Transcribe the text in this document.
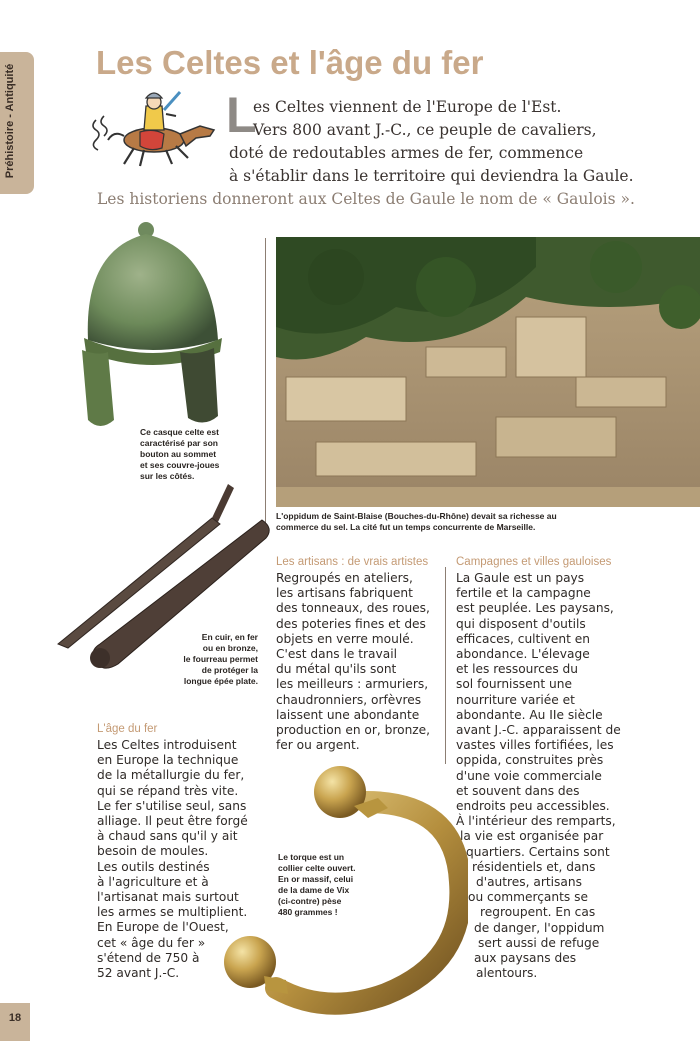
Préhistoire - Antiquité
Les Celtes et l'âge du fer
L
es Celtes viennent de l'Europe de l'Est.
Vers 800 avant J.-C., ce peuple de cavaliers,
doté de redoutables armes de fer, commence
à s'établir dans le territoire qui deviendra la Gaule.
Les historiens donneront aux Celtes de Gaule le nom de « Gaulois ».
Ce casque celte est
caractérisé par son
bouton au sommet
et ses couvre-joues
sur les côtés.
L'oppidum de Saint-Blaise (Bouches-du-Rhône) devait sa richesse au
commerce du sel. La cité fut un temps concurrente de Marseille.
En cuir, en fer
ou en bronze,
le fourreau permet
de protéger la
longue épée plate.
L'âge du fer
Les Celtes introduisent
en Europe la technique
de la métallurgie du fer,
qui se répand très vite.
Le fer s'utilise seul, sans
alliage. Il peut être forgé
à chaud sans qu'il y ait
besoin de moules.
Les outils destinés
à l'agriculture et à
l'artisanat mais surtout
les armes se multiplient.
En Europe de l'Ouest,
cet « âge du fer »
s'étend de 750 à
52 avant J.-C.
Les artisans : de vrais artistes
Regroupés en ateliers,
les artisans fabriquent
des tonneaux, des roues,
des poteries fines et des
objets en verre moulé.
C'est dans le travail
du métal qu'ils sont
les meilleurs : armuriers,
chaudronniers, orfèvres
laissent une abondante
production en or, bronze,
fer ou argent.
Campagnes et villes gauloises
La Gaule est un pays
fertile et la campagne
est peuplée. Les paysans,
qui disposent d'outils
efficaces, cultivent en
abondance. L'élevage
et les ressources du
sol fournissent une
nourriture variée et
abondante. Au IIe siècle
avant J.-C. apparaissent de
vastes villes fortifiées, les
oppida, construites près
d'une voie commerciale
et souvent dans des
endroits peu accessibles.
À l'intérieur des remparts,
la vie est organisée par
quartiers. Certains sont
résidentiels et, dans
d'autres, artisans
ou commerçants se
regroupent. En cas
de danger, l'oppidum
sert aussi de refuge
aux paysans des
alentours.
Le torque est un
collier celte ouvert.
En or massif, celui
de la dame de Vix
(ci-contre) pèse
480 grammes !
18
